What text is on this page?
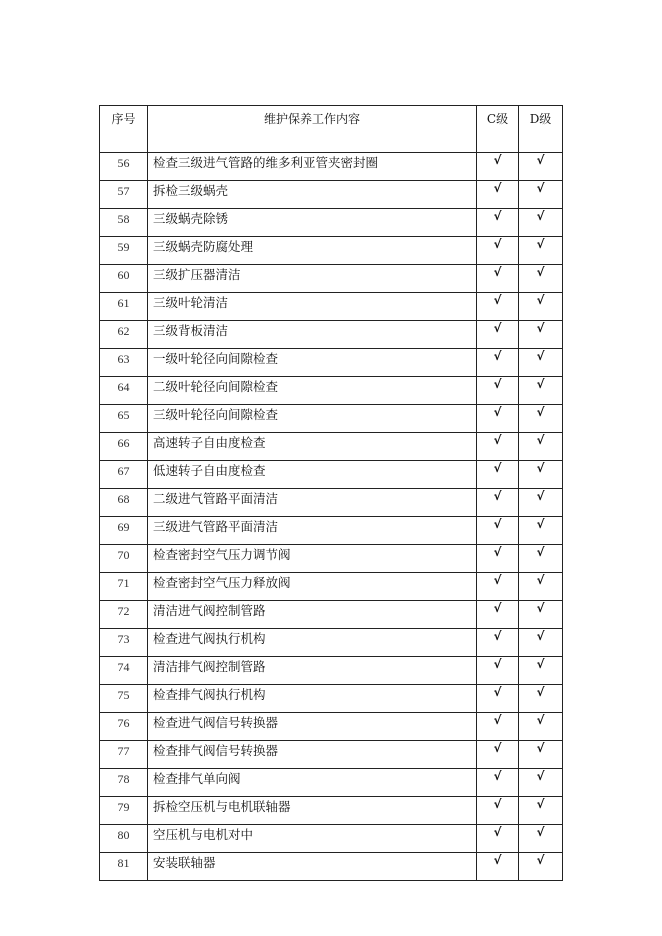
序号	维护保养工作内容	C级	D级
56	检查三级进气管路的维多利亚管夹密封圈	√	√
57	拆检三级蜗壳	√	√
58	三级蜗壳除锈	√	√
59	三级蜗壳防腐处理	√	√
60	三级扩压器清洁	√	√
61	三级叶轮清洁	√	√
62	三级背板清洁	√	√
63	一级叶轮径向间隙检查	√	√
64	二级叶轮径向间隙检查	√	√
65	三级叶轮径向间隙检查	√	√
66	高速转子自由度检查	√	√
67	低速转子自由度检查	√	√
68	二级进气管路平面清洁	√	√
69	三级进气管路平面清洁	√	√
70	检查密封空气压力调节阀	√	√
71	检查密封空气压力释放阀	√	√
72	清洁进气阀控制管路	√	√
73	检查进气阀执行机构	√	√
74	清洁排气阀控制管路	√	√
75	检查排气阀执行机构	√	√
76	检查进气阀信号转换器	√	√
77	检查排气阀信号转换器	√	√
78	检查排气单向阀	√	√
79	拆检空压机与电机联轴器	√	√
80	空压机与电机对中	√	√
81	安装联轴器	√	√
